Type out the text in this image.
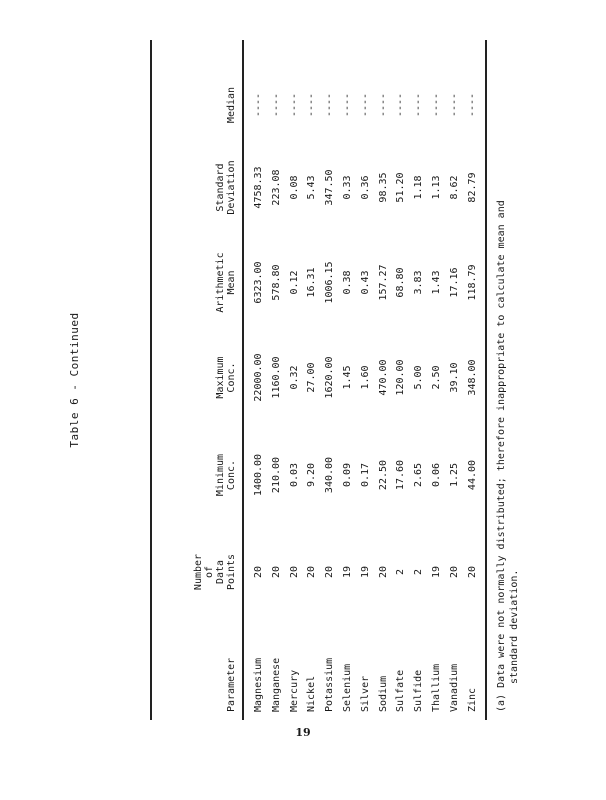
Table 6 - Continued
Parameter
Number of Data Points
Minimum Conc.
Maximum Conc.
Arithmetic Mean
Standard Deviation
Median
Magnesium
20
1400.00
22000.00
6323.00
4758.33
----
Manganese
20
210.00
1160.00
578.80
223.08
----
Mercury
20
0.03
0.32
0.12
0.08
----
Nickel
20
9.20
27.00
16.31
5.43
----
Potassium
20
340.00
1620.00
1006.15
347.50
----
Selenium
19
0.09
1.45
0.38
0.33
----
Silver
19
0.17
1.60
0.43
0.36
----
Sodium
20
22.50
470.00
157.27
98.35
----
Sulfate
2
17.60
120.00
68.80
51.20
----
Sulfide
2
2.65
5.00
3.83
1.18
----
Thallium
19
0.06
2.50
1.43
1.13
----
Vanadium
20
1.25
39.10
17.16
8.62
----
Zinc
20
44.00
348.00
118.79
82.79
----
(a) Data were not normally distributed; therefore inappropriate to calculate mean and standard deviation.
19
